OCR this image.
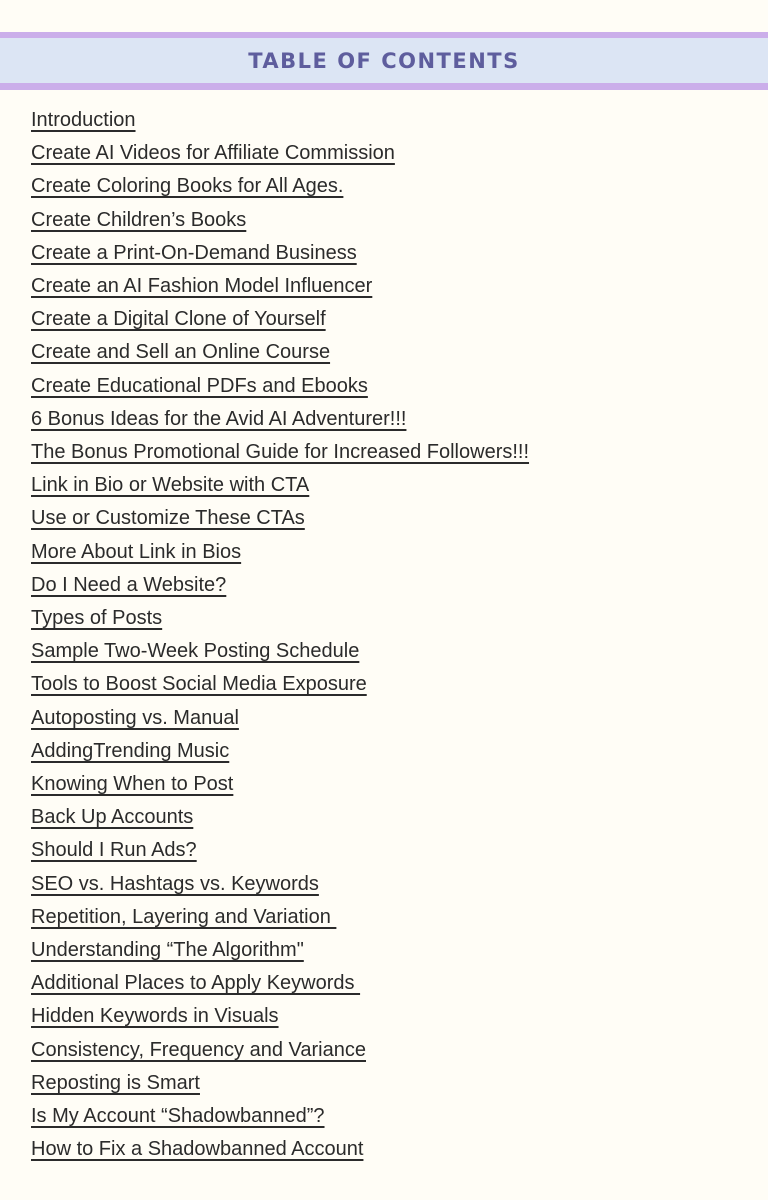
TABLE OF CONTENTS
Introduction
Create AI Videos for Affiliate Commission
Create Coloring Books for All Ages.
Create Children’s Books
Create a Print-On-Demand Business
Create an AI Fashion Model Influencer
Create a Digital Clone of Yourself
Create and Sell an Online Course
Create Educational PDFs and Ebooks
6 Bonus Ideas for the Avid AI Adventurer!!!
The Bonus Promotional Guide for Increased Followers!!!
Link in Bio or Website with CTA
Use or Customize These CTAs
More About Link in Bios
Do I Need a Website?
Types of Posts
Sample Two-Week Posting Schedule
Tools to Boost Social Media Exposure
Autoposting vs. Manual
AddingTrending Music
Knowing When to Post
Back Up Accounts
Should I Run Ads?
SEO vs. Hashtags vs. Keywords
Repetition, Layering and Variation
Understanding “The Algorithm"
Additional Places to Apply Keywords
Hidden Keywords in Visuals
Consistency, Frequency and Variance
Reposting is Smart
Is My Account “Shadowbanned”?
How to Fix a Shadowbanned Account
